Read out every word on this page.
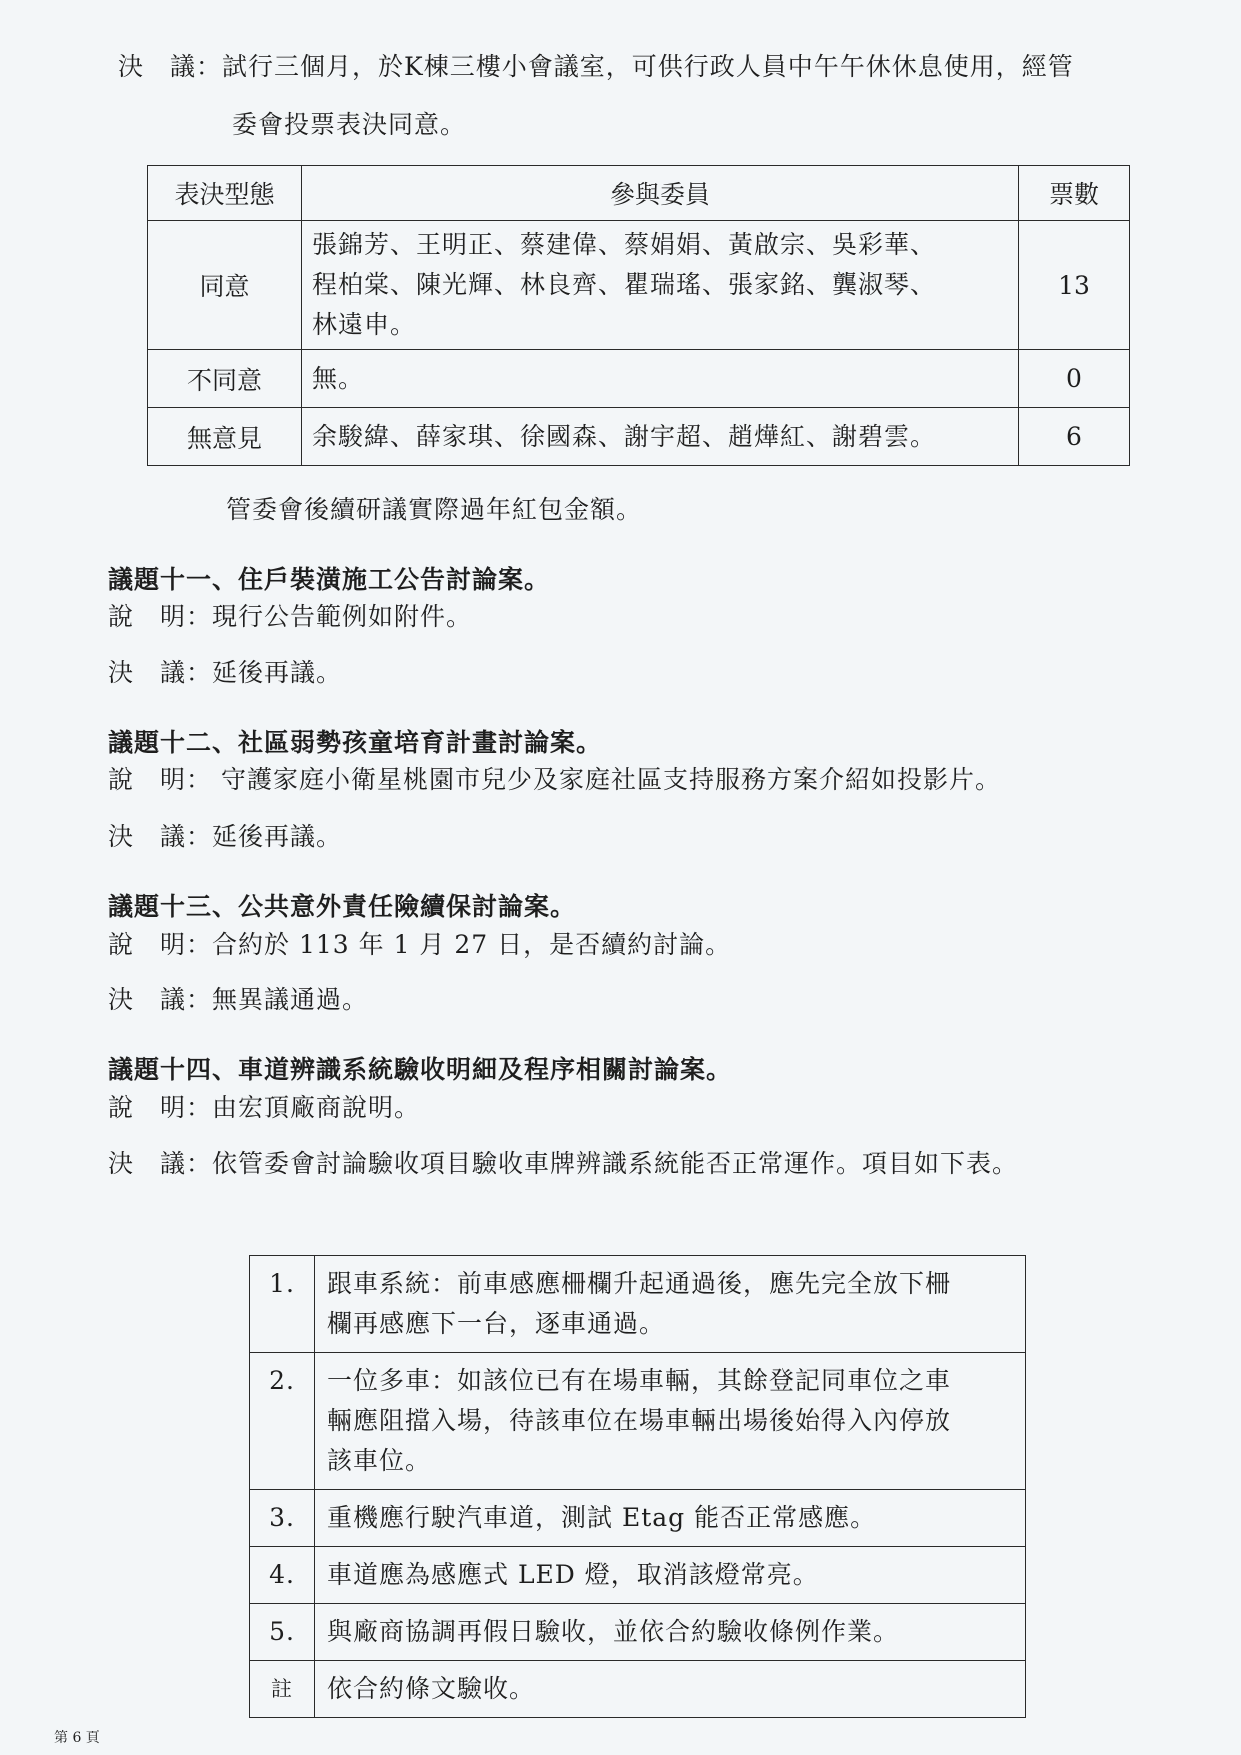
決　議：試行三個月，於K棟三樓小會議室，可供行政人員中午午休休息使用，經管
委會投票表決同意。
表決型態	參與委員	票數
同意	張錦芳、王明正、蔡建偉、蔡娟娟、黃啟宗、吳彩華、
程柏棠、陳光輝、林良齊、瞿瑞瑤、張家銘、龔淑琴、
林遠申。	13
不同意	無。	0
無意見	余駿緯、薛家琪、徐國森、謝宇超、趙燁紅、謝碧雲。	6
管委會後續研議實際過年紅包金額。
議題十一、住戶裝潢施工公告討論案。
說　明：現行公告範例如附件。
決　議：延後再議。
議題十二、社區弱勢孩童培育計畫討論案。
說　明： 守護家庭小衛星桃園市兒少及家庭社區支持服務方案介紹如投影片。
決　議：延後再議。
議題十三、公共意外責任險續保討論案。
說　明：合約於 113 年 1 月 27 日，是否續約討論。
決　議：無異議通過。
議題十四、車道辨識系統驗收明細及程序相關討論案。
說　明：由宏頂廠商說明。
決　議：依管委會討論驗收項目驗收車牌辨識系統能否正常運作。項目如下表。
1.	跟車系統：前車感應柵欄升起通過後，應先完全放下柵
欄再感應下一台，逐車通過。

2.	一位多車：如該位已有在場車輛，其餘登記同車位之車
輛應阻擋入場，待該車位在場車輛出場後始得入內停放
該車位。

3.	重機應行駛汽車道，測試 Etag 能否正常感應。
4.	車道應為感應式 LED 燈，取消該燈常亮。
5.	與廠商協調再假日驗收，並依合約驗收條例作業。
註	依合約條文驗收。
第 6 頁
